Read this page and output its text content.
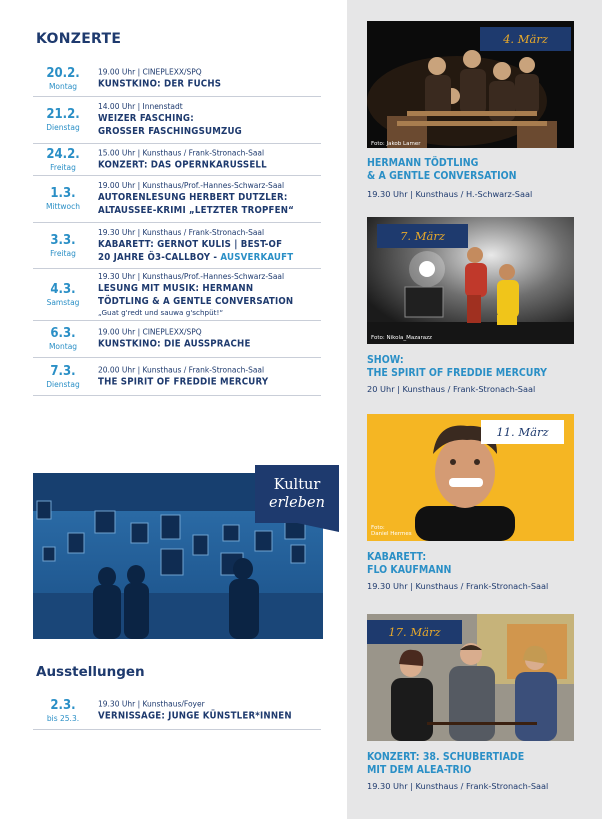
KONZERTE
20.2.
Montag
19.00 Uhr | CINEPLEXX/SPQ
KUNSTKINO: DER FUCHS
21.2.
Dienstag
14.00 Uhr | Innenstadt
WEIZER FASCHING:
GROSSER FASCHINGSUMZUG
24.2.
Freitag
15.00 Uhr | Kunsthaus / Frank-Stronach-Saal
KONZERT: DAS OPERNKARUSSELL
1.3.
Mittwoch
19.00 Uhr | Kunsthaus/Prof.-Hannes-Schwarz-Saal
AUTORENLESUNG HERBERT DUTZLER:
ALTAUSSEE-KRIMI „LETZTER TROPFEN“
3.3.
Freitag
19.30 Uhr | Kunsthaus / Frank-Stronach-Saal
KABARETT: GERNOT KULIS | BEST-OF
20 JAHRE Ö3-CALLBOY - AUSVERKAUFT
4.3.
Samstag
19.30 Uhr | Kunsthaus/Prof.-Hannes-Schwarz-Saal
LESUNG MIT MUSIK: HERMANN
TÖDTLING & A GENTLE CONVERSATION
„Guat g'redt und sauwa g'schpüt!“
6.3.
Montag
19.00 Uhr | CINEPLEXX/SPQ
KUNSTKINO: DIE AUSSPRACHE
7.3.
Dienstag
20.00 Uhr | Kunsthaus / Frank-Stronach-Saal
THE SPIRIT OF FREDDIE MERCURY
Kultur
erleben
Ausstellungen
2.3.
bis 25.3.
19.30 Uhr | Kunsthaus/Foyer
VERNISSAGE: JUNGE KÜNSTLER*INNEN
4. März
Foto: Jakob Lamer
HERMANN TÖDTLING
& A GENTLE CONVERSATION
19.30 Uhr | Kunsthaus / H.-Schwarz-Saal
7. März
Foto: Nikola_Mazarazz
SHOW:
THE SPIRIT OF FREDDIE MERCURY
20 Uhr | Kunsthaus / Frank-Stronach-Saal
11. März
Foto:
Daniel Hermes
KABARETT:
FLO KAUFMANN
19.30 Uhr | Kunsthaus / Frank-Stronach-Saal
17. März
KONZERT: 38. SCHUBERTIADE
MIT DEM ALEA-TRIO
19.30 Uhr | Kunsthaus / Frank-Stronach-Saal
